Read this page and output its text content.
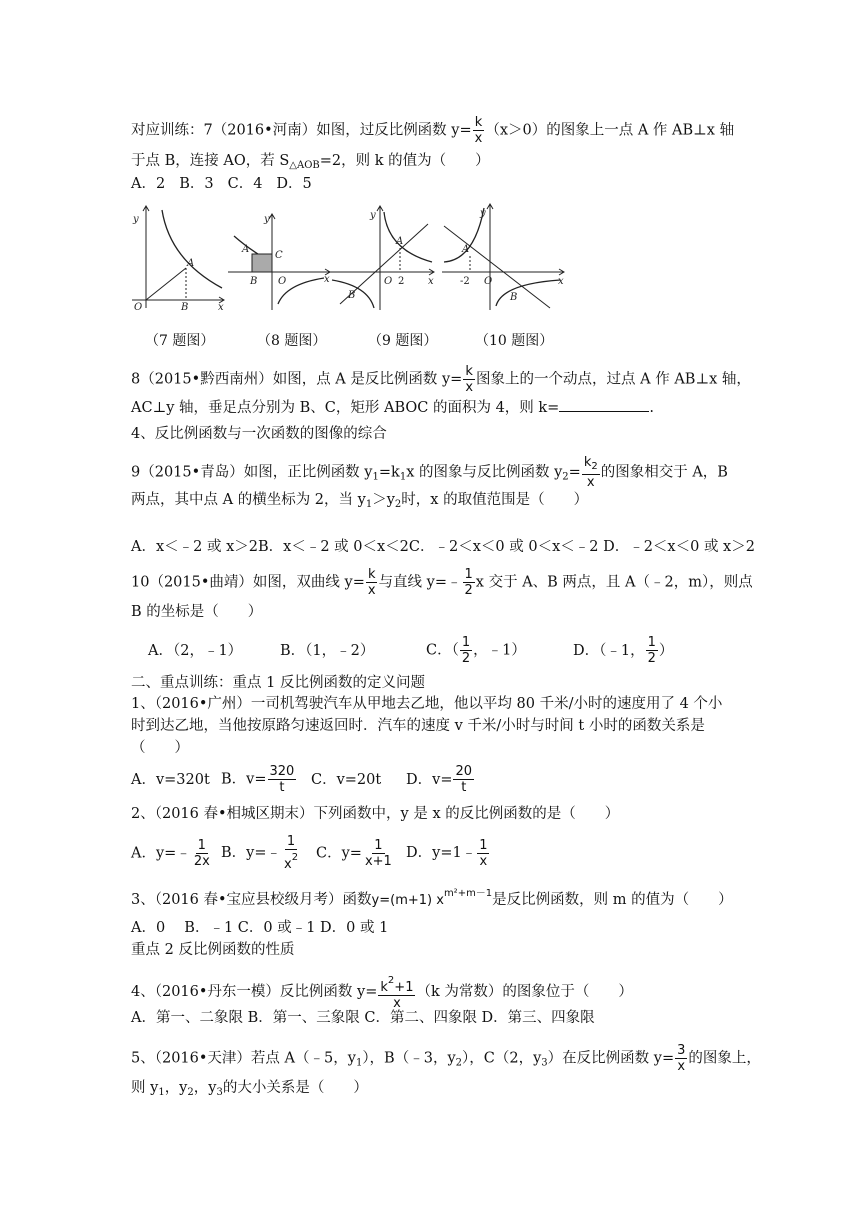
对应训练：7（2016•河南）如图，过反比例函数 $y= \frac{k}{x} (x>0)$的图象上一点 A 作 AB⊥x 轴
于点 B，连接 AO，若 $S_{\triangle AOB}=2$，则 k 的值为（　　）
A．2 B．3 C．4 D．5
y
x
O
A
B
y
x
O
A
B
C
y
x
O
A
B
2
y
x
O
A
B
-2
（7 题图）	（8 题图）	（9 题图）	（10 题图）
8（2015•黔西南州）如图，点 A 是反比例函数 $y= \frac{k}{x}$ 图象上的一个动点，过点 A 作 AB⊥x 轴，
AC⊥y 轴，垂足点分别为 B、C，矩形 ABOC 的面积为 4，则 k=	.
4、反比例函数与一次函数的图像的综合
9（2015•青岛）如图，正比例函数 $y_1=k_1x$ 的图象与反比例函数 $y_2= \frac{k_2}{x}$ 的图象相交于 A，B
两点，其中点 A 的横坐标为 2，当 $y_1>y_2$时，x 的取值范围是（　　）
A．x＜﹣2 或 x＞2B．x＜﹣2 或 0＜x＜2C．﹣2＜x＜0 或 0＜x＜﹣2 D．﹣2＜x＜0 或 x＞2
10（2015•曲靖）如图，双曲线 $y= \frac{k}{x}$ 与直线 y=﹣ $\frac{1}{2}$ x 交于 A、B 两点，且 A（﹣2，m），则点
B 的坐标是（　　）
A．（2，﹣1）	B．（1，﹣2）	C．（ $\frac{1}{2}$ ，﹣1）	D．（﹣1， $\frac{1}{2}$ ）
二、重点训练：重点 1 反比例函数的定义问题
1、（2016•广州）一司机驾驶汽车从甲地去乙地，他以平均 80 千米/小时的速度用了 4 个小
时到达乙地，当他按原路匀速返回时．汽车的速度 v 千米/小时与时间 t 小时的函数关系是
（　　）
A．v=320t B．$v= \frac{320}{t}$ C．v=20t D．$v= \frac{20}{t}$
2、（2016 春•相城区期末）下列函数中，y 是 x 的反比例函数的是（　　）
A．y=﹣ $\frac{1}{2x}$ B．y=﹣ $\frac{1}{x^2}$ C．$y= \frac{1}{x+1}$ D．y=1﹣ $\frac{1}{x}$
3、（2016 春•宝应县校级月考）函数y=(m+1) $x^{m^2+m-1}$是反比例函数，则 m 的值为（　　）
A．0　 B．﹣1 C．0 或﹣1 D．0 或 1
重点 2 反比例函数的性质
4、（2016•丹东一模）反比例函数 $y= \frac{k^2+1}{x} (k$ 为常数）的图象位于（　　）
A．第一、二象限 B．第一、三象限 C．第二、四象限 D．第三、四象限
5、（2016•天津）若点 A（﹣5，$y_1$），B（﹣3，$y_2$），C（2，$y_3$）在反比例函数 $y= \frac{3}{x}$ 的图象上，
则 $y_1$，$y_2$，$y_3$的大小关系是（　　）
